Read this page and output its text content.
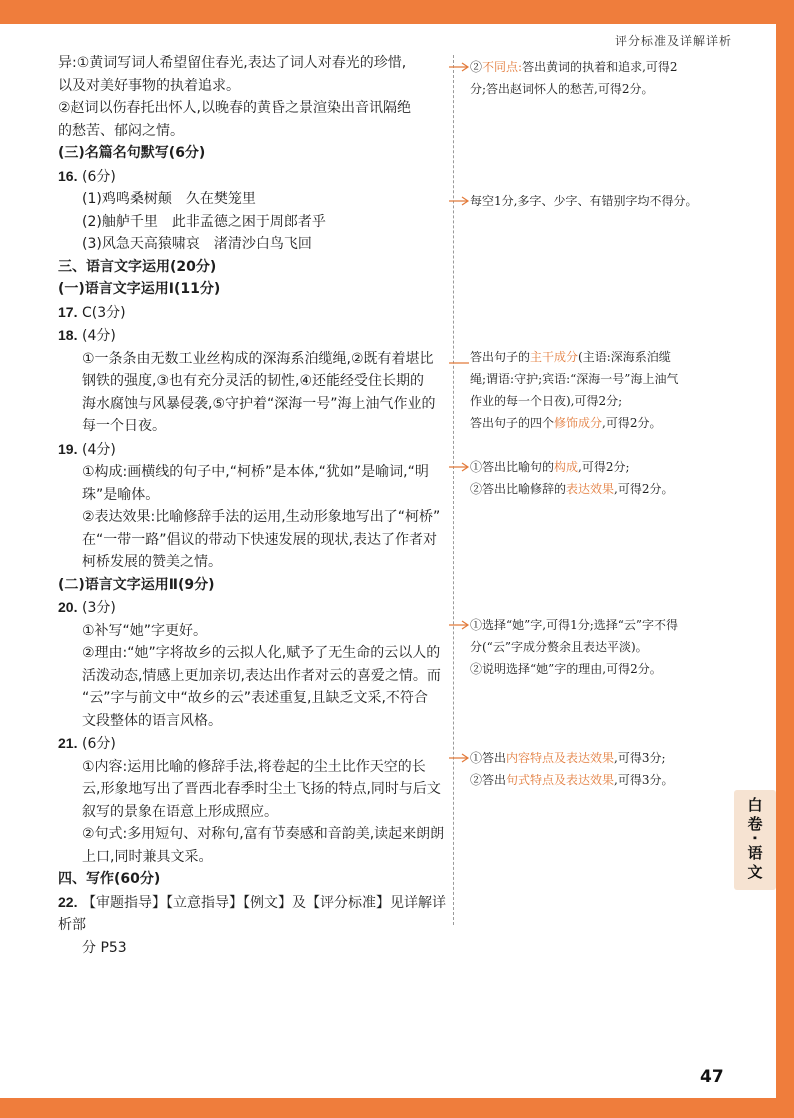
评分标准及详解详析

异:①黄词写词人希望留住春光,表达了词人对春光的珍惜,

以及对美好事物的执着追求。

②赵词以伤春托出怀人,以晚春的黄昏之景渲染出音讯隔绝

的愁苦、郁闷之情。

(三)名篇名句默写(6分)

16. (6分)

(1)鸡鸣桑树颠　久在樊笼里

(2)舳舻千里　此非孟德之困于周郎者乎

(3)风急天高猿啸哀　渚清沙白鸟飞回

三、语言文字运用(20分)

(一)语言文字运用Ⅰ(11分)

17. C(3分)

18. (4分)

①一条条由无数工业丝构成的深海系泊缆绳,②既有着堪比

钢铁的强度,③也有充分灵活的韧性,④还能经受住长期的

海水腐蚀与风暴侵袭,⑤守护着“深海一号”海上油气作业的

每一个日夜。

19. (4分)

①构成:画横线的句子中,“柯桥”是本体,“犹如”是喻词,“明

珠”是喻体。

②表达效果:比喻修辞手法的运用,生动形象地写出了“柯桥”

在“一带一路”倡议的带动下快速发展的现状,表达了作者对

柯桥发展的赞美之情。

(二)语言文字运用Ⅱ(9分)

20. (3分)

①补写“她”字更好。

②理由:“她”字将故乡的云拟人化,赋予了无生命的云以人的

活泼动态,情感上更加亲切,表达出作者对云的喜爱之情。而

“云”字与前文中“故乡的云”表述重复,且缺乏文采,不符合

文段整体的语言风格。

21. (6分)

①内容:运用比喻的修辞手法,将卷起的尘土比作天空的长

云,形象地写出了晋西北春季时尘土飞扬的特点,同时与后文

叙写的景象在语意上形成照应。

②句式:多用短句、对称句,富有节奏感和音韵美,读起来朗朗

上口,同时兼具文采。

四、写作(60分)

22. 【审题指导】【立意指导】【例文】及【评分标准】见详解详析部

分 P53

②不同点:答出黄词的执着和追求,可得2

分;答出赵词怀人的愁苦,可得2分。

每空1分,多字、少字、有错别字均不得分。

答出句子的主干成分(主语:深海系泊缆

绳;谓语:守护;宾语:“深海一号”海上油气

作业的每一个日夜),可得2分;

答出句子的四个修饰成分,可得2分。

①答出比喻句的构成,可得2分;

②答出比喻修辞的表达效果,可得2分。

①选择“她”字,可得1分;选择“云”字不得

分(“云”字成分赘余且表达平淡)。

②说明选择“她”字的理由,可得2分。

①答出内容特点及表达效果,可得3分;

②答出句式特点及表达效果,可得3分。

白卷·语文
47
